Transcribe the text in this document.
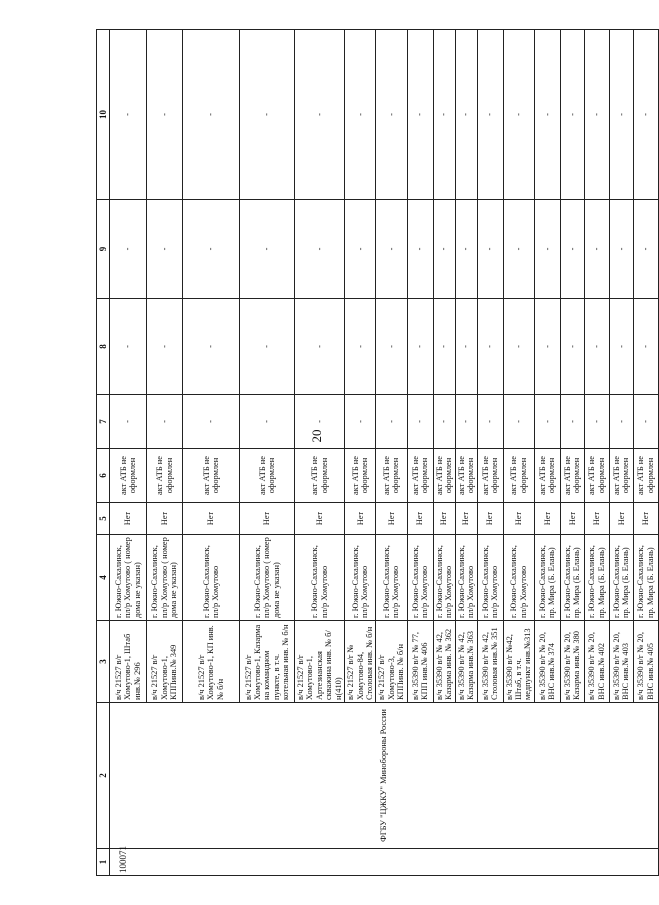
20
1	2	3	4	5	6	7	8	9	10
100071	ФГБУ "ЦЖКУ" Минобороны России	в/ч 21527 в/г Хомутово-1, Штаб инв.№ 296	г. Южно-Сахалинск, пл/р Хомутово ( номер дома не указан)	Нет	акт АТБ не оформлен	-	-	-	-
		в/ч 21527 в/г Хомутово-1, КППинв.№ 349	г. Южно-Сахалинск, пл/р Хомутово ( номер дома не указан)	Нет	акт АТБ не оформлен	-	-	-	-
		в/ч 21527 в/г Хомутово-1, КП инв. № б/н	г. Южно-Сахалинск, пл/р Хомутово	Нет	акт АТБ не оформлен	-	-	-	-
		в/ч 21527 в/г Хомутово-1, Казарма на командном пункте, в т.ч. котельная инв. № б/н	г. Южно-Сахалинск, пл/р Хомутово ( номер дома не указан)	Нет	акт АТБ не оформлен	-	-	-	-
		в/ч 21527 в/г Хомутово-1, Артезианская скважина инв. № б/н(410)	г. Южно-Сахалинск, пл/р Хомутово	Нет	акт АТБ не оформлен	-	-	-	-
		в/ч 21527 в/г № Хомутово-84, Столовая инв. № б/н	г. Южно-Сахалинск, пл/р Хомутово	Нет	акт АТБ не оформлен	-	-	-	-
		в/ч 21527 в/г Хомутово-3, КППинв. № б/н	г. Южно-Сахалинск, пл/р Хомутово	Нет	акт АТБ не оформлен	-	-	-	-
		в/ч 35390 в/г № 77, КПП инв.№ 406	г. Южно-Сахалинск, пл/р Хомутово	Нет	акт АТБ не оформлен	-	-	-	-
		в/ч 35390 в/г № 42, Казарма инв. № 362	г. Южно-Сахалинск, пл/р Хомутово	Нет	акт АТБ не оформлен	-	-	-	-
		в/ч 35390 в/г № 42, Казарма инв.№ 363	г. Южно-Сахалинск, пл/р Хомутово	Нет	акт АТБ не оформлен	-	-	-	-
		в/ч 35390 в/г № 42, Столовая инв.№ 351	г. Южно-Сахалинск, пл/р Хомутово	Нет	акт АТБ не оформлен	-	-	-	-
		в/ч 35390 в/г №42, Штаб, в т.ч. медпункт инв.№313	г. Южно-Сахалинск, пл/р Хомутово	Нет	акт АТБ не оформлен	-	-	-	-
		в/ч 35390 в/г № 20, ВНС инв.№ 374	г. Южно-Сахалинск, пр. Мира (Б. Елань)	Нет	акт АТБ не оформлен	-	-	-	-
		в/ч 35390 в/г № 20, Казарма инв.№ 380	г. Южно-Сахалинск, пр. Мира (Б. Елань)	Нет	акт АТБ не оформлен	-	-	-	-
		в/ч 35390 в/г № 20, ВНС инв.№ 402	г. Южно-Сахалинск, пр. Мира (Б. Елань)	Нет	акт АТБ не оформлен	-	-	-	-
		в/ч 35390 в/г № 20, ВНС инв.№ 403	г. Южно-Сахалинск, пр. Мира (Б. Елань)	Нет	акт АТБ не оформлен	-	-	-	-
		в/ч 35390 в/г № 20, ВНС инв.№ 405	г. Южно-Сахалинск, пр. Мира (Б. Елань)	Нет	акт АТБ не оформлен	-	-	-	-
